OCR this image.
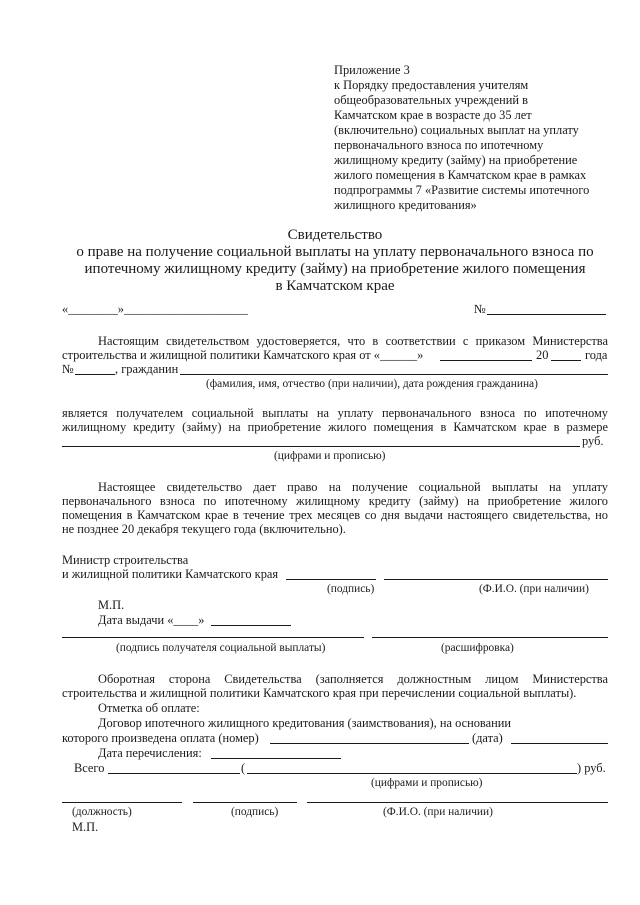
Приложение 3
к Порядку предоставления учителям
общеобразовательных учреждений в
Камчатском крае в возрасте до 35 лет
(включительно) социальных выплат на уплату
первоначального взноса по ипотечному
жилищному кредиту (займу) на приобретение
жилого помещения в Камчатском крае в рамках
подпрограммы 7 «Развитие системы ипотечного
жилищного кредитования»
Свидетельство
о праве на получение социальной выплаты на уплату первоначального взноса по
ипотечному жилищному кредиту (займу) на приобретение жилого помещения
в Камчатском крае
«________»____________________	№
Настоящим свидетельством удостоверяется, что в соответствии с приказом Министерства
строительства и жилищной политики Камчатского края от «______»	20	года
№	, гражданин
(фамилия, имя, отчество (при наличии), дата рождения гражданина)
является получателем социальной выплаты на уплату первоначального взноса по ипотечному
жилищному кредиту (займу) на приобретение жилого помещения в Камчатском крае в размере
руб.
(цифрами и прописью)
Настоящее свидетельство дает право на получение социальной выплаты на уплату
первоначального взноса по ипотечному жилищному кредиту (займу) на приобретение жилого
помещения в Камчатском крае в течение трех месяцев со дня выдачи настоящего свидетельства, но
не позднее 20 декабря текущего года (включительно).
Министр строительства
и жилищной политики Камчатского края
(подпись)	(Ф.И.О. (при наличии)
М.П.
Дата выдачи «____»
(подпись получателя социальной выплаты)	(расшифровка)
Оборотная сторона Свидетельства (заполняется должностным лицом Министерства
строительства и жилищной политики Камчатского края при перечислении социальной выплаты).
Отметка об оплате:
Договор ипотечного жилищного кредитования (заимствования), на основании
которого произведена оплата (номер)	(дата)
Дата перечисления:
Всего	(	) руб.
(цифрами и прописью)
(должность)	(подпись)	(Ф.И.О. (при наличии)
М.П.
